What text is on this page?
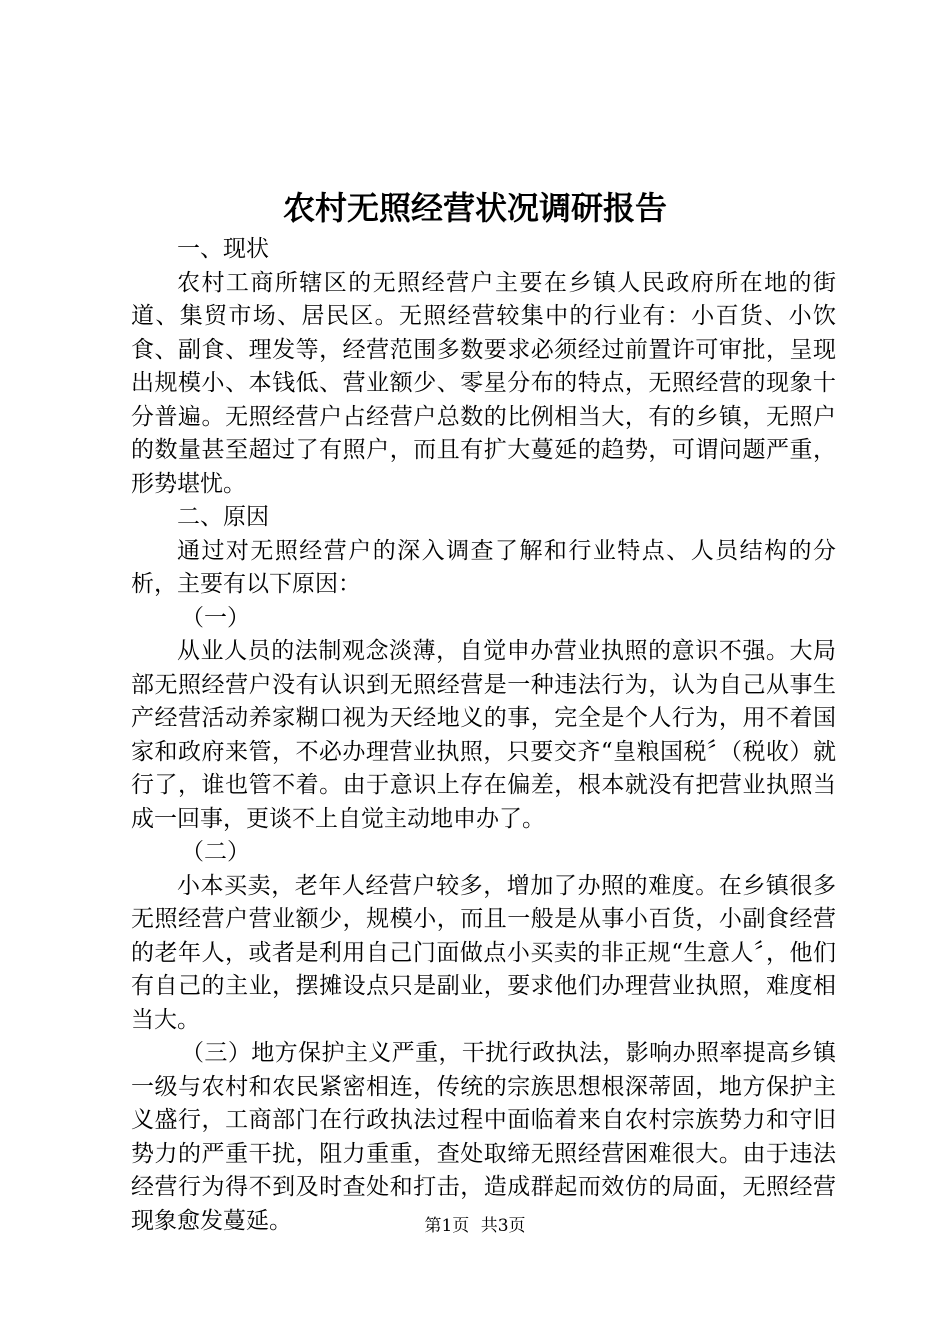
农村无照经营状况调研报告

一、现状

农村工商所辖区的无照经营户主要在乡镇人民政府所在地的街道、集贸市场、居民区。无照经营较集中的行业有：小百货、小饮食、副食、理发等，经营范围多数要求必须经过前置许可审批，呈现出规模小、本钱低、营业额少、零星分布的特点，无照经营的现象十分普遍。无照经营户占经营户总数的比例相当大，有的乡镇，无照户的数量甚至超过了有照户，而且有扩大蔓延的趋势，可谓问题严重，形势堪忧。

二、原因

通过对无照经营户的深入调查了解和行业特点、人员结构的分析，主要有以下原因：

（一）

从业人员的法制观念淡薄，自觉申办营业执照的意识不强。大局部无照经营户没有认识到无照经营是一种违法行为，认为自己从事生产经营活动养家糊口视为天经地义的事，完全是个人行为，用不着国家和政府来管，不必办理营业执照，只要交齐“皇粮国税〞（税收）就行了，谁也管不着。由于意识上存在偏差，根本就没有把营业执照当成一回事，更谈不上自觉主动地申办了。

（二）

小本买卖，老年人经营户较多，增加了办照的难度。在乡镇很多无照经营户营业额少，规模小，而且一般是从事小百货，小副食经营的老年人，或者是利用自己门面做点小买卖的非正规“生意人〞，他们有自己的主业，摆摊设点只是副业，要求他们办理营业执照，难度相当大。

（三）地方保护主义严重，干扰行政执法，影响办照率提高乡镇一级与农村和农民紧密相连，传统的宗族思想根深蒂固，地方保护主义盛行，工商部门在行政执法过程中面临着来自农村宗族势力和守旧势力的严重干扰，阻力重重，查处取缔无照经营困难很大。由于违法经营行为得不到及时查处和打击，造成群起而效仿的局面，无照经营现象愈发蔓延。	第1页 共3页
